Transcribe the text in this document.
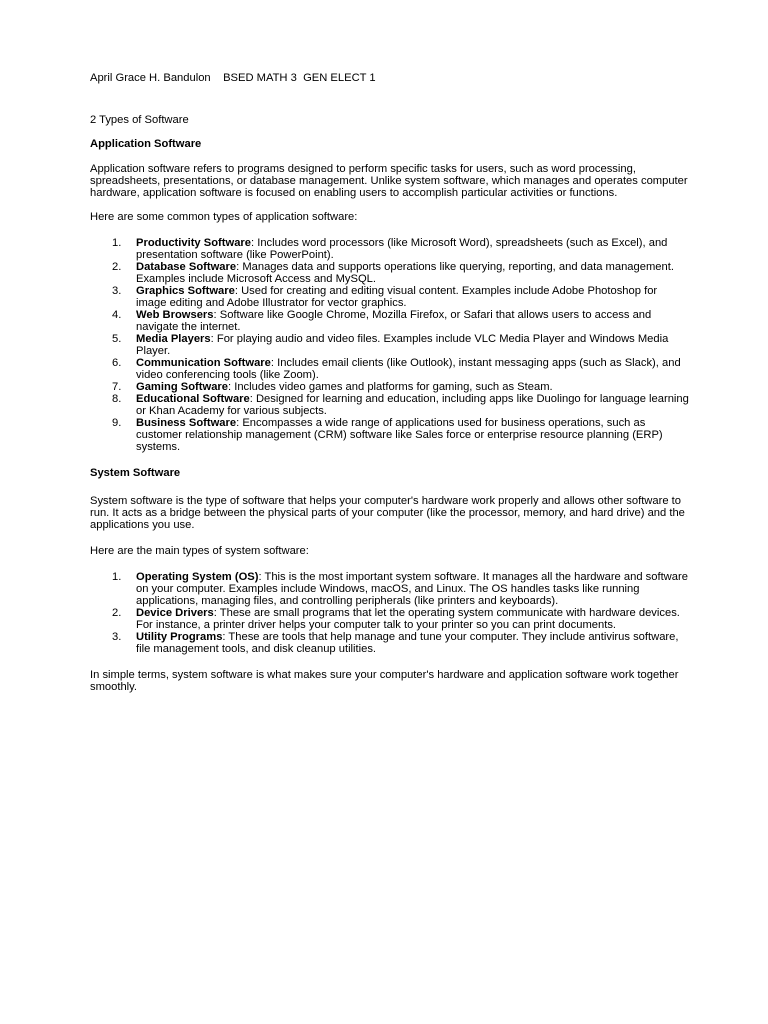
April Grace H. Bandulon BSED MATH 3 GEN ELECT 1

2 Types of Software

Application Software

Application software refers to programs designed to perform specific tasks for users, such as word processing, spreadsheets, presentations, or database management. Unlike system software, which manages and operates computer hardware, application software is focused on enabling users to accomplish particular activities or functions.

Here are some common types of application software:

1. Productivity Software: Includes word processors (like Microsoft Word), spreadsheets (such as Excel), and presentation software (like PowerPoint).
2. Database Software: Manages data and supports operations like querying, reporting, and data management. Examples include Microsoft Access and MySQL.
3. Graphics Software: Used for creating and editing visual content. Examples include Adobe Photoshop for image editing and Adobe Illustrator for vector graphics.
4. Web Browsers: Software like Google Chrome, Mozilla Firefox, or Safari that allows users to access and navigate the internet.
5. Media Players: For playing audio and video files. Examples include VLC Media Player and Windows Media Player.
6. Communication Software: Includes email clients (like Outlook), instant messaging apps (such as Slack), and video conferencing tools (like Zoom).
7. Gaming Software: Includes video games and platforms for gaming, such as Steam.
8. Educational Software: Designed for learning and education, including apps like Duolingo for language learning or Khan Academy for various subjects.
9. Business Software: Encompasses a wide range of applications used for business operations, such as customer relationship management (CRM) software like Sales force or enterprise resource planning (ERP) systems.

System Software

System software is the type of software that helps your computer's hardware work properly and allows other software to run. It acts as a bridge between the physical parts of your computer (like the processor, memory, and hard drive) and the applications you use.

Here are the main types of system software:

1. Operating System (OS): This is the most important system software. It manages all the hardware and software on your computer. Examples include Windows, macOS, and Linux. The OS handles tasks like running applications, managing files, and controlling peripherals (like printers and keyboards).
2. Device Drivers: These are small programs that let the operating system communicate with hardware devices. For instance, a printer driver helps your computer talk to your printer so you can print documents.
3. Utility Programs: These are tools that help manage and tune your computer. They include antivirus software, file management tools, and disk cleanup utilities.

In simple terms, system software is what makes sure your computer's hardware and application software work together smoothly.
